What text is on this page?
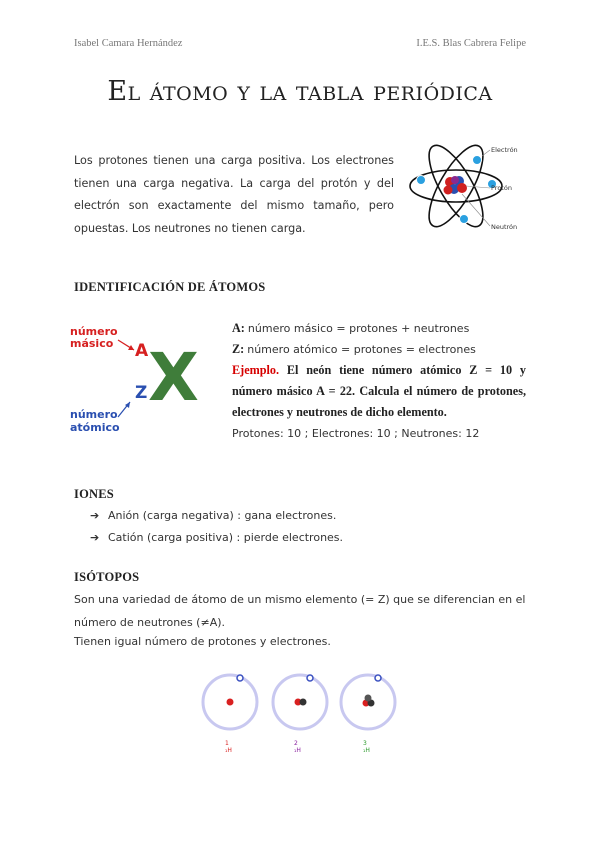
Isabel Camara Hernández	I.E.S. Blas Cabrera Felipe
El átomo y la tabla periódica
Los protones tienen una carga positiva. Los electrones tienen una carga negativa. La carga del protón y del electrón son exactamente del mismo tamaño, pero opuestas. Los neutrones no tienen carga.
Electrón
Protón
Neutrón
IDENTIFICACIÓN DE ÁTOMOS
número
másico A X
Z
número
atómico
A: número másico = protones + neutrones
Z: número atómico = protones = electrones
Ejemplo. El neón tiene número atómico Z = 10 y número másico A = 22. Calcula el número de protones, electrones y neutrones de dicho elemento.
Protones: 10 ; Electrones: 10 ; Neutrones: 12
IONES
➔ Anión (carga negativa) : gana electrones.
➔ Catión (carga positiva) : pierde electrones.
ISÓTOPOS
Son una variedad de átomo de un mismo elemento (= Z) que se diferencian en el número de neutrones (≠A).
Tienen igual número de protones y electrones.
1
₁H
2
₁H
3
₁H
